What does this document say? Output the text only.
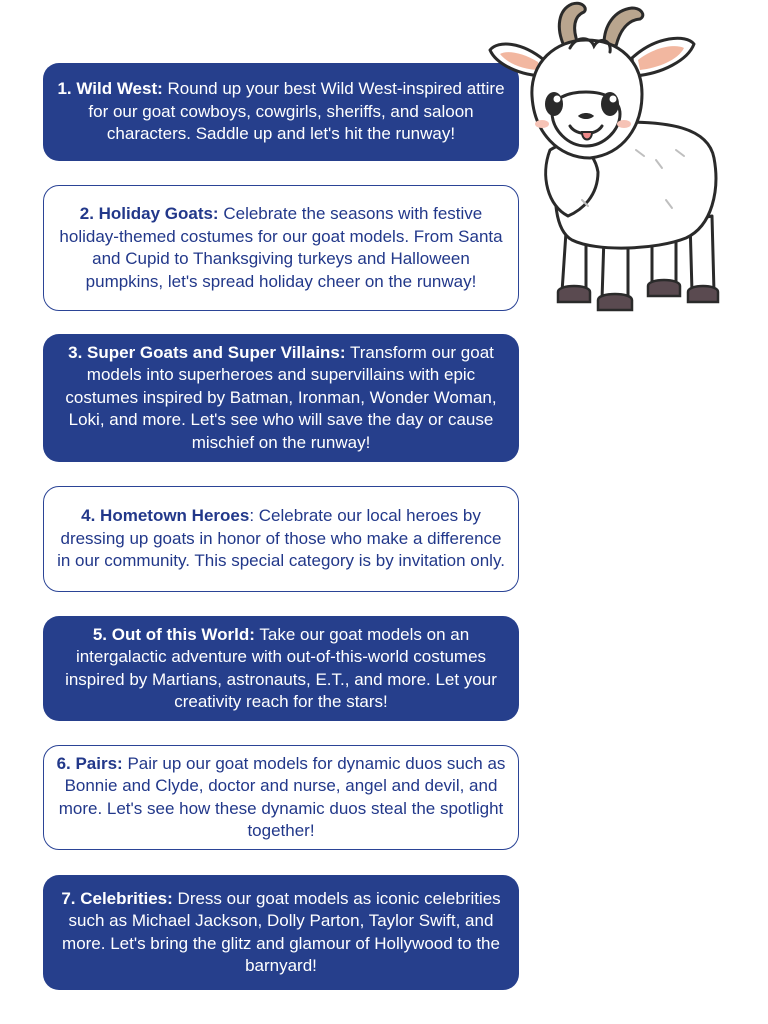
1. Wild West: Round up your best Wild West-inspired attire for our goat cowboys, cowgirls, sheriffs, and saloon characters. Saddle up and let's hit the runway!

2. Holiday Goats: Celebrate the seasons with festive holiday-themed costumes for our goat models. From Santa and Cupid to Thanksgiving turkeys and Halloween pumpkins, let's spread holiday cheer on the runway!

3. Super Goats and Super Villains: Transform our goat models into superheroes and supervillains with epic costumes inspired by Batman, Ironman, Wonder Woman, Loki, and more. Let's see who will save the day or cause mischief on the runway!

4. Hometown Heroes: Celebrate our local heroes by dressing up goats in honor of those who make a difference in our community. This special category is by invitation only.

5. Out of this World: Take our goat models on an intergalactic adventure with out-of-this-world costumes inspired by Martians, astronauts, E.T., and more. Let your creativity reach for the stars!

6. Pairs: Pair up our goat models for dynamic duos such as Bonnie and Clyde, doctor and nurse, angel and devil, and more. Let's see how these dynamic duos steal the spotlight together!

7. Celebrities: Dress our goat models as iconic celebrities such as Michael Jackson, Dolly Parton, Taylor Swift, and more. Let's bring the glitz and glamour of Hollywood to the barnyard!
